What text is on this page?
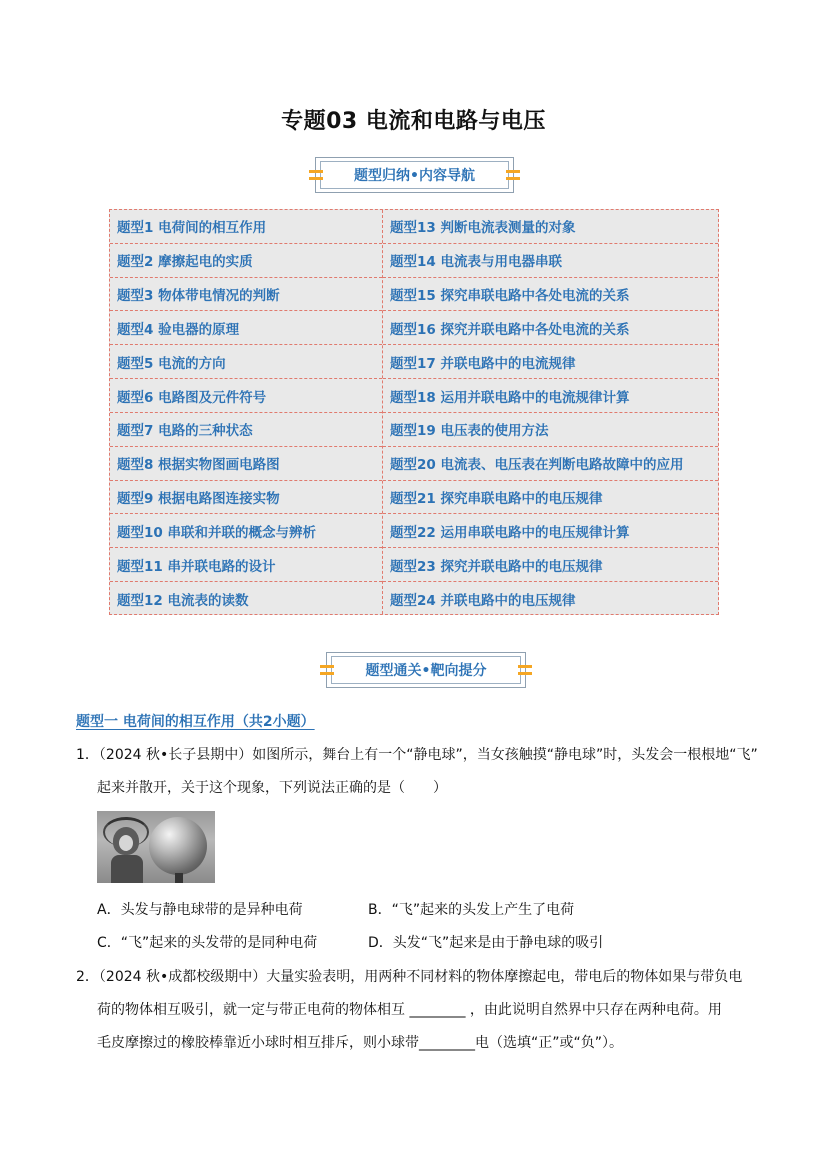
专题03 电流和电路与电压
题型归纳•内容导航
题型1 电荷间的相互作用
题型2 摩擦起电的实质
题型3 物体带电情况的判断
题型4 验电器的原理
题型5 电流的方向
题型6 电路图及元件符号
题型7 电路的三种状态
题型8 根据实物图画电路图
题型9 根据电路图连接实物
题型10 串联和并联的概念与辨析
题型11 串并联电路的设计
题型12 电流表的读数
题型13 判断电流表测量的对象
题型14 电流表与用电器串联
题型15 探究串联电路中各处电流的关系
题型16 探究并联电路中各处电流的关系
题型17 并联电路中的电流规律
题型18 运用并联电路中的电流规律计算
题型19 电压表的使用方法
题型20 电流表、电压表在判断电路故障中的应用
题型21 探究串联电路中的电压规律
题型22 运用串联电路中的电压规律计算
题型23 探究并联电路中的电压规律
题型24 并联电路中的电压规律
题型通关•靶向提分
题型一 电荷间的相互作用（共2小题）
1．（2024 秋•长子县期中）如图所示，舞台上有一个“静电球”，当女孩触摸“静电球”时，头发会一根根地“飞”
起来并散开，关于这个现象，下列说法正确的是（　　）
A．头发与静电球带的是异种电荷	B．“飞”起来的头发上产生了电荷
C．“飞”起来的头发带的是同种电荷	D．头发“飞”起来是由于静电球的吸引
2．（2024 秋•成都校级期中）大量实验表明，用两种不同材料的物体摩擦起电，带电后的物体如果与带负电
荷的物体相互吸引，就一定与带正电荷的物体相互 ________ ，由此说明自然界中只存在两种电荷。用
毛皮摩擦过的橡胶棒靠近小球时相互排斥，则小球带________电（选填“正”或“负”）。
